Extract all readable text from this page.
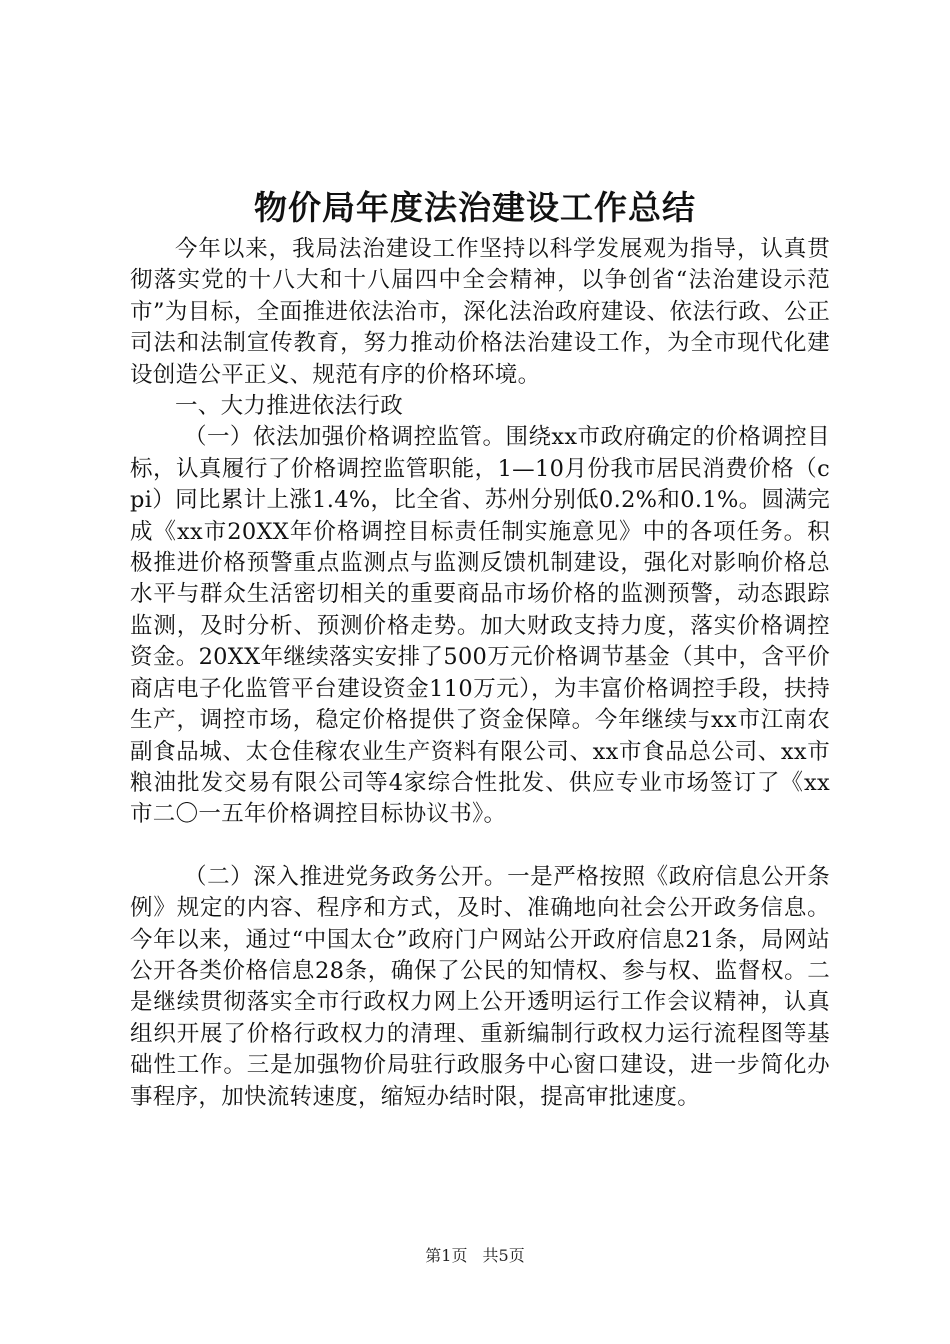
物价局年度法治建设工作总结

今年以来，我局法治建设工作坚持以科学发展观为指导，认真贯彻落实党的十八大和十八届四中全会精神，以争创省“法治建设示范市”为目标，全面推进依法治市，深化法治政府建设、依法行政、公正司法和法制宣传教育，努力推动价格法治建设工作，为全市现代化建设创造公平正义、规范有序的价格环境。

一、大力推进依法行政

（一）依法加强价格调控监管。围绕xx市政府确定的价格调控目标，认真履行了价格调控监管职能，1—10月份我市居民消费价格（cpi）同比累计上涨1.4%，比全省、苏州分别低0.2%和0.1%。圆满完成《xx市20XX年价格调控目标责任制实施意见》中的各项任务。积极推进价格预警重点监测点与监测反馈机制建设，强化对影响价格总水平与群众生活密切相关的重要商品市场价格的监测预警，动态跟踪监测，及时分析、预测价格走势。加大财政支持力度，落实价格调控资金。20XX年继续落实安排了500万元价格调节基金（其中，含平价商店电子化监管平台建设资金110万元），为丰富价格调控手段，扶持生产，调控市场，稳定价格提供了资金保障。今年继续与xx市江南农副食品城、太仓佳稼农业生产资料有限公司、xx市食品总公司、xx市粮油批发交易有限公司等4家综合性批发、供应专业市场签订了《xx市二〇一五年价格调控目标协议书》。

（二）深入推进党务政务公开。一是严格按照《政府信息公开条例》规定的内容、程序和方式，及时、准确地向社会公开政务信息。今年以来，通过“中国太仓”政府门户网站公开政府信息21条，局网站公开各类价格信息28条，确保了公民的知情权、参与权、监督权。二是继续贯彻落实全市行政权力网上公开透明运行工作会议精神，认真组织开展了价格行政权力的清理、重新编制行政权力运行流程图等基础性工作。三是加强物价局驻行政服务中心窗口建设，进一步简化办事程序，加快流转速度，缩短办结时限，提高审批速度。

第1页 共5页
